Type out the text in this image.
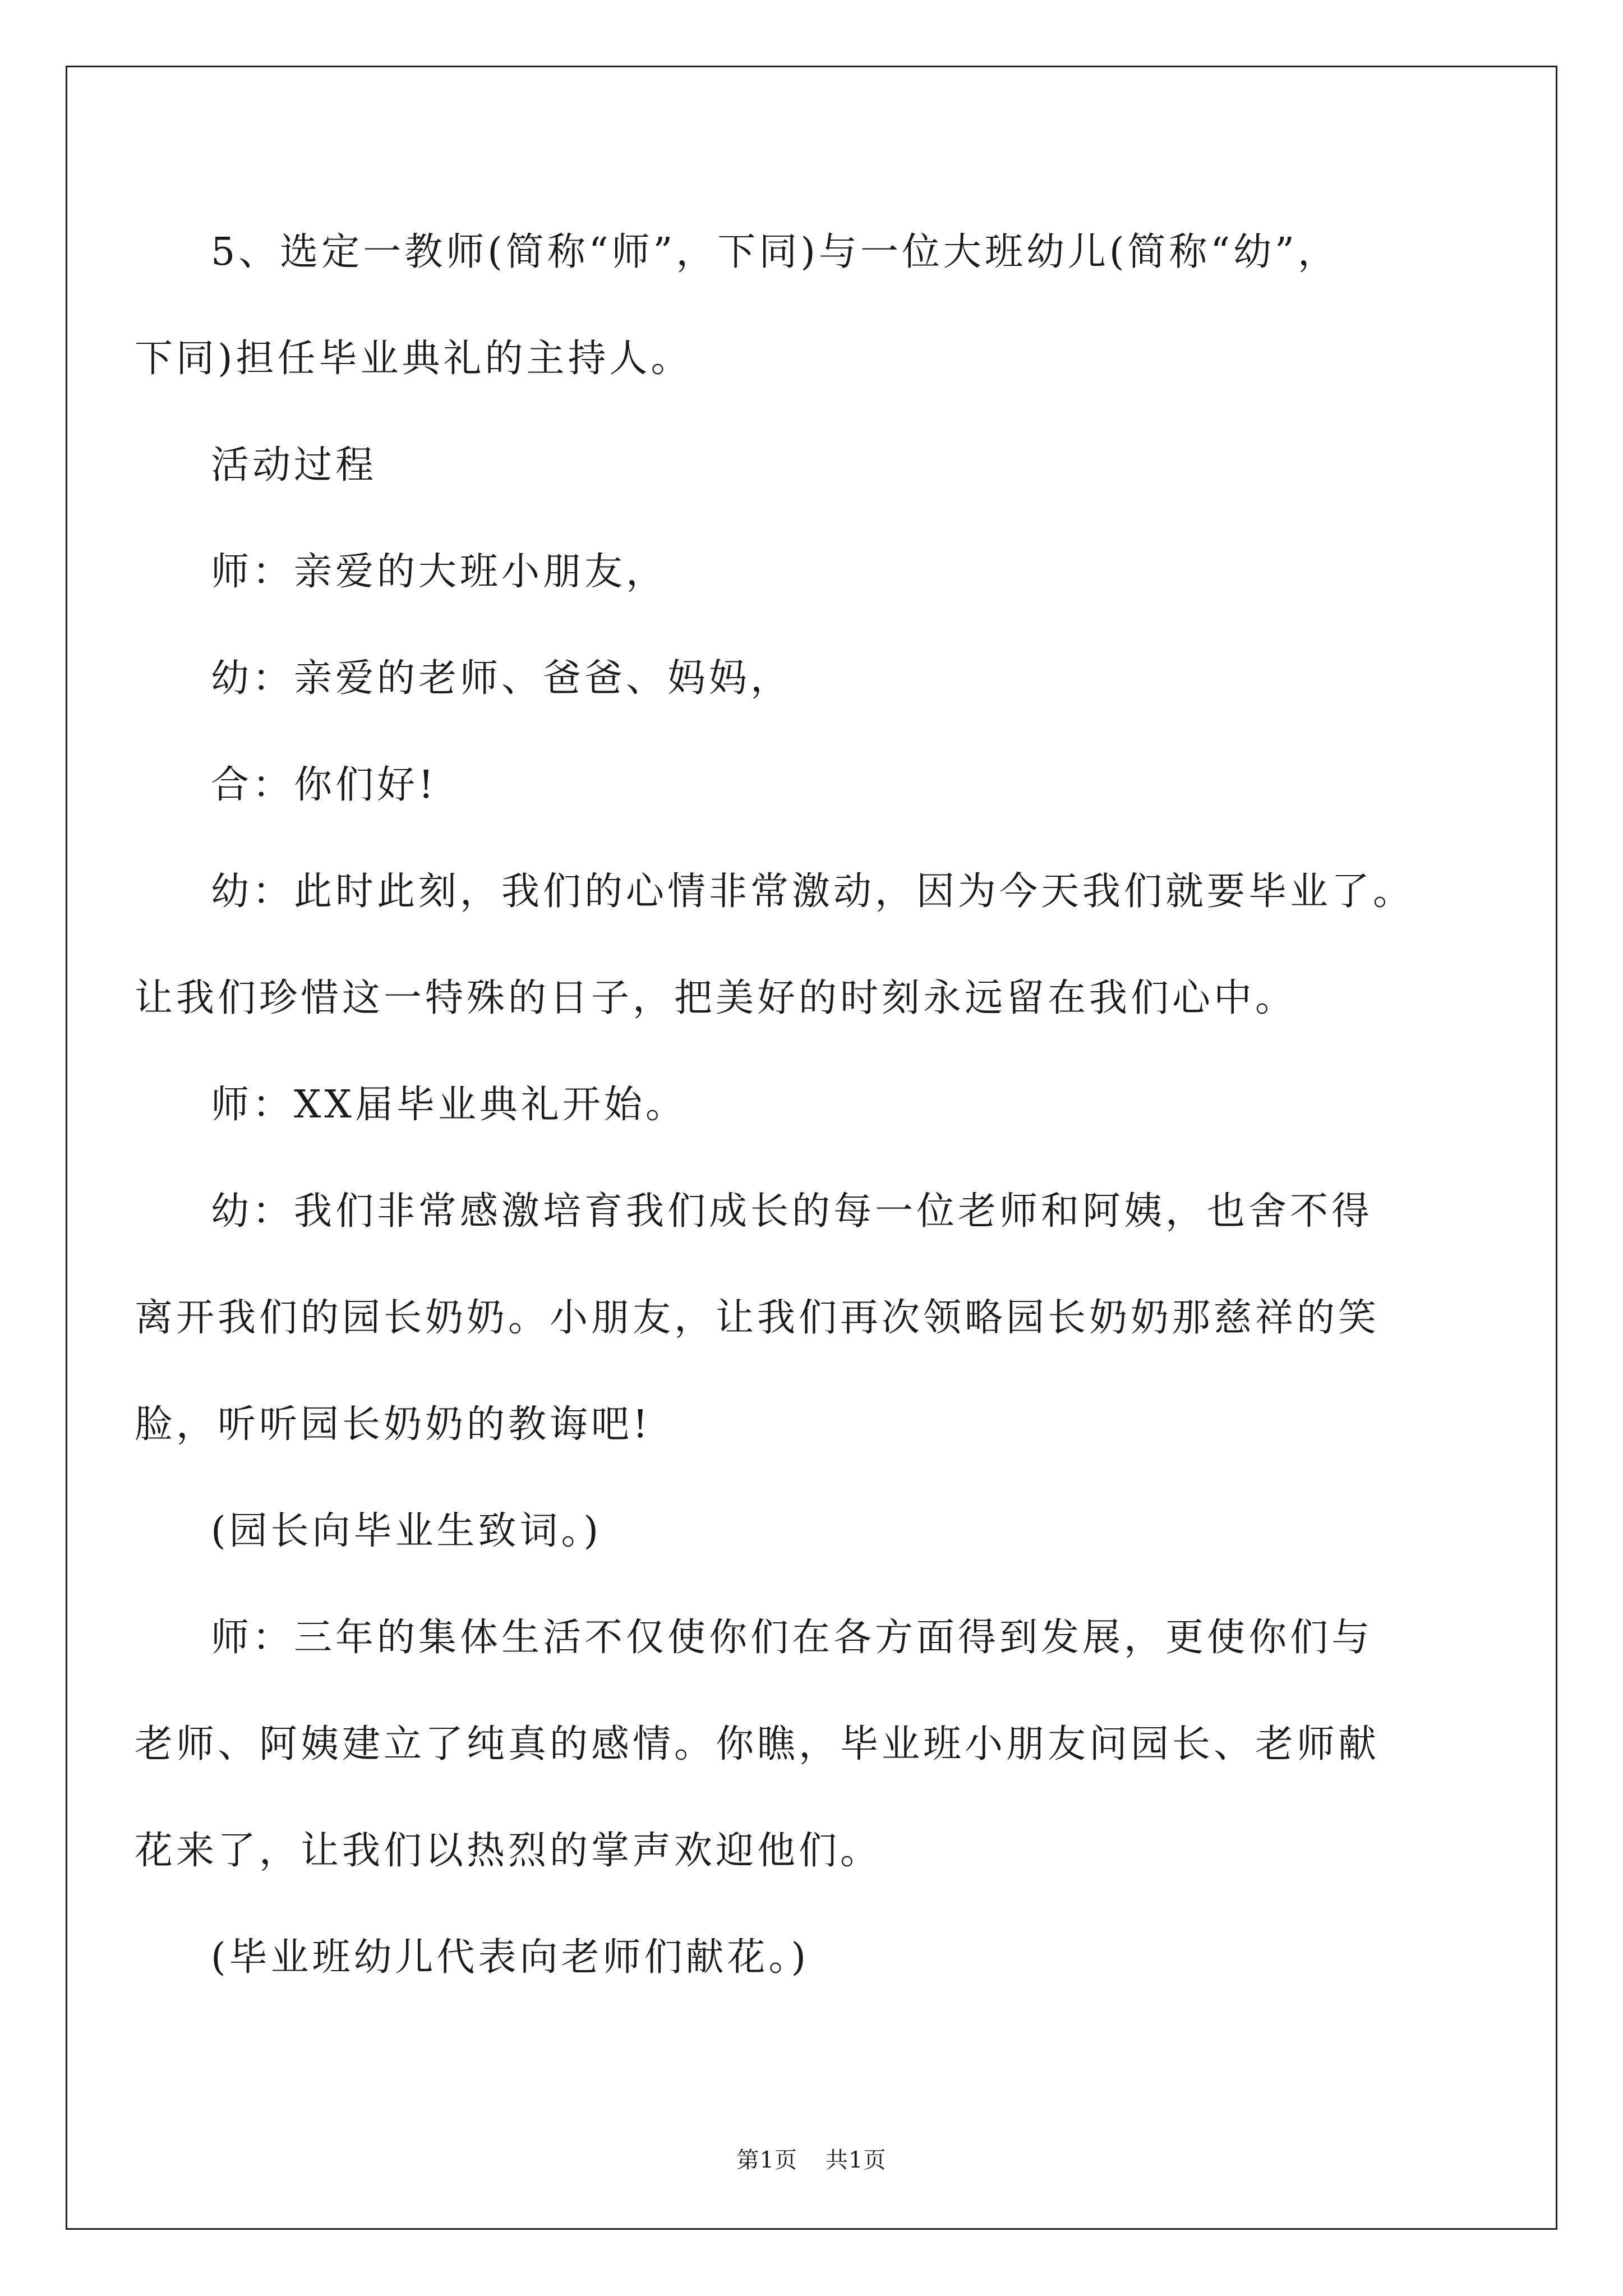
5、选定一教师(简称“师”，下同)与一位大班幼儿(简称“幼”，
下同)担任毕业典礼的主持人。
活动过程
师：亲爱的大班小朋友，
幼：亲爱的老师、爸爸、妈妈，
合：你们好!
幼：此时此刻，我们的心情非常激动，因为今天我们就要毕业了。
让我们珍惜这一特殊的日子，把美好的时刻永远留在我们心中。
师：XX届毕业典礼开始。
幼：我们非常感激培育我们成长的每一位老师和阿姨，也舍不得
离开我们的园长奶奶。小朋友，让我们再次领略园长奶奶那慈祥的笑
脸，听听园长奶奶的教诲吧!
(园长向毕业生致词。)
师：三年的集体生活不仅使你们在各方面得到发展，更使你们与
老师、阿姨建立了纯真的感情。你瞧，毕业班小朋友问园长、老师献
花来了，让我们以热烈的掌声欢迎他们。
(毕业班幼儿代表向老师们献花。)
第1页 共1页
